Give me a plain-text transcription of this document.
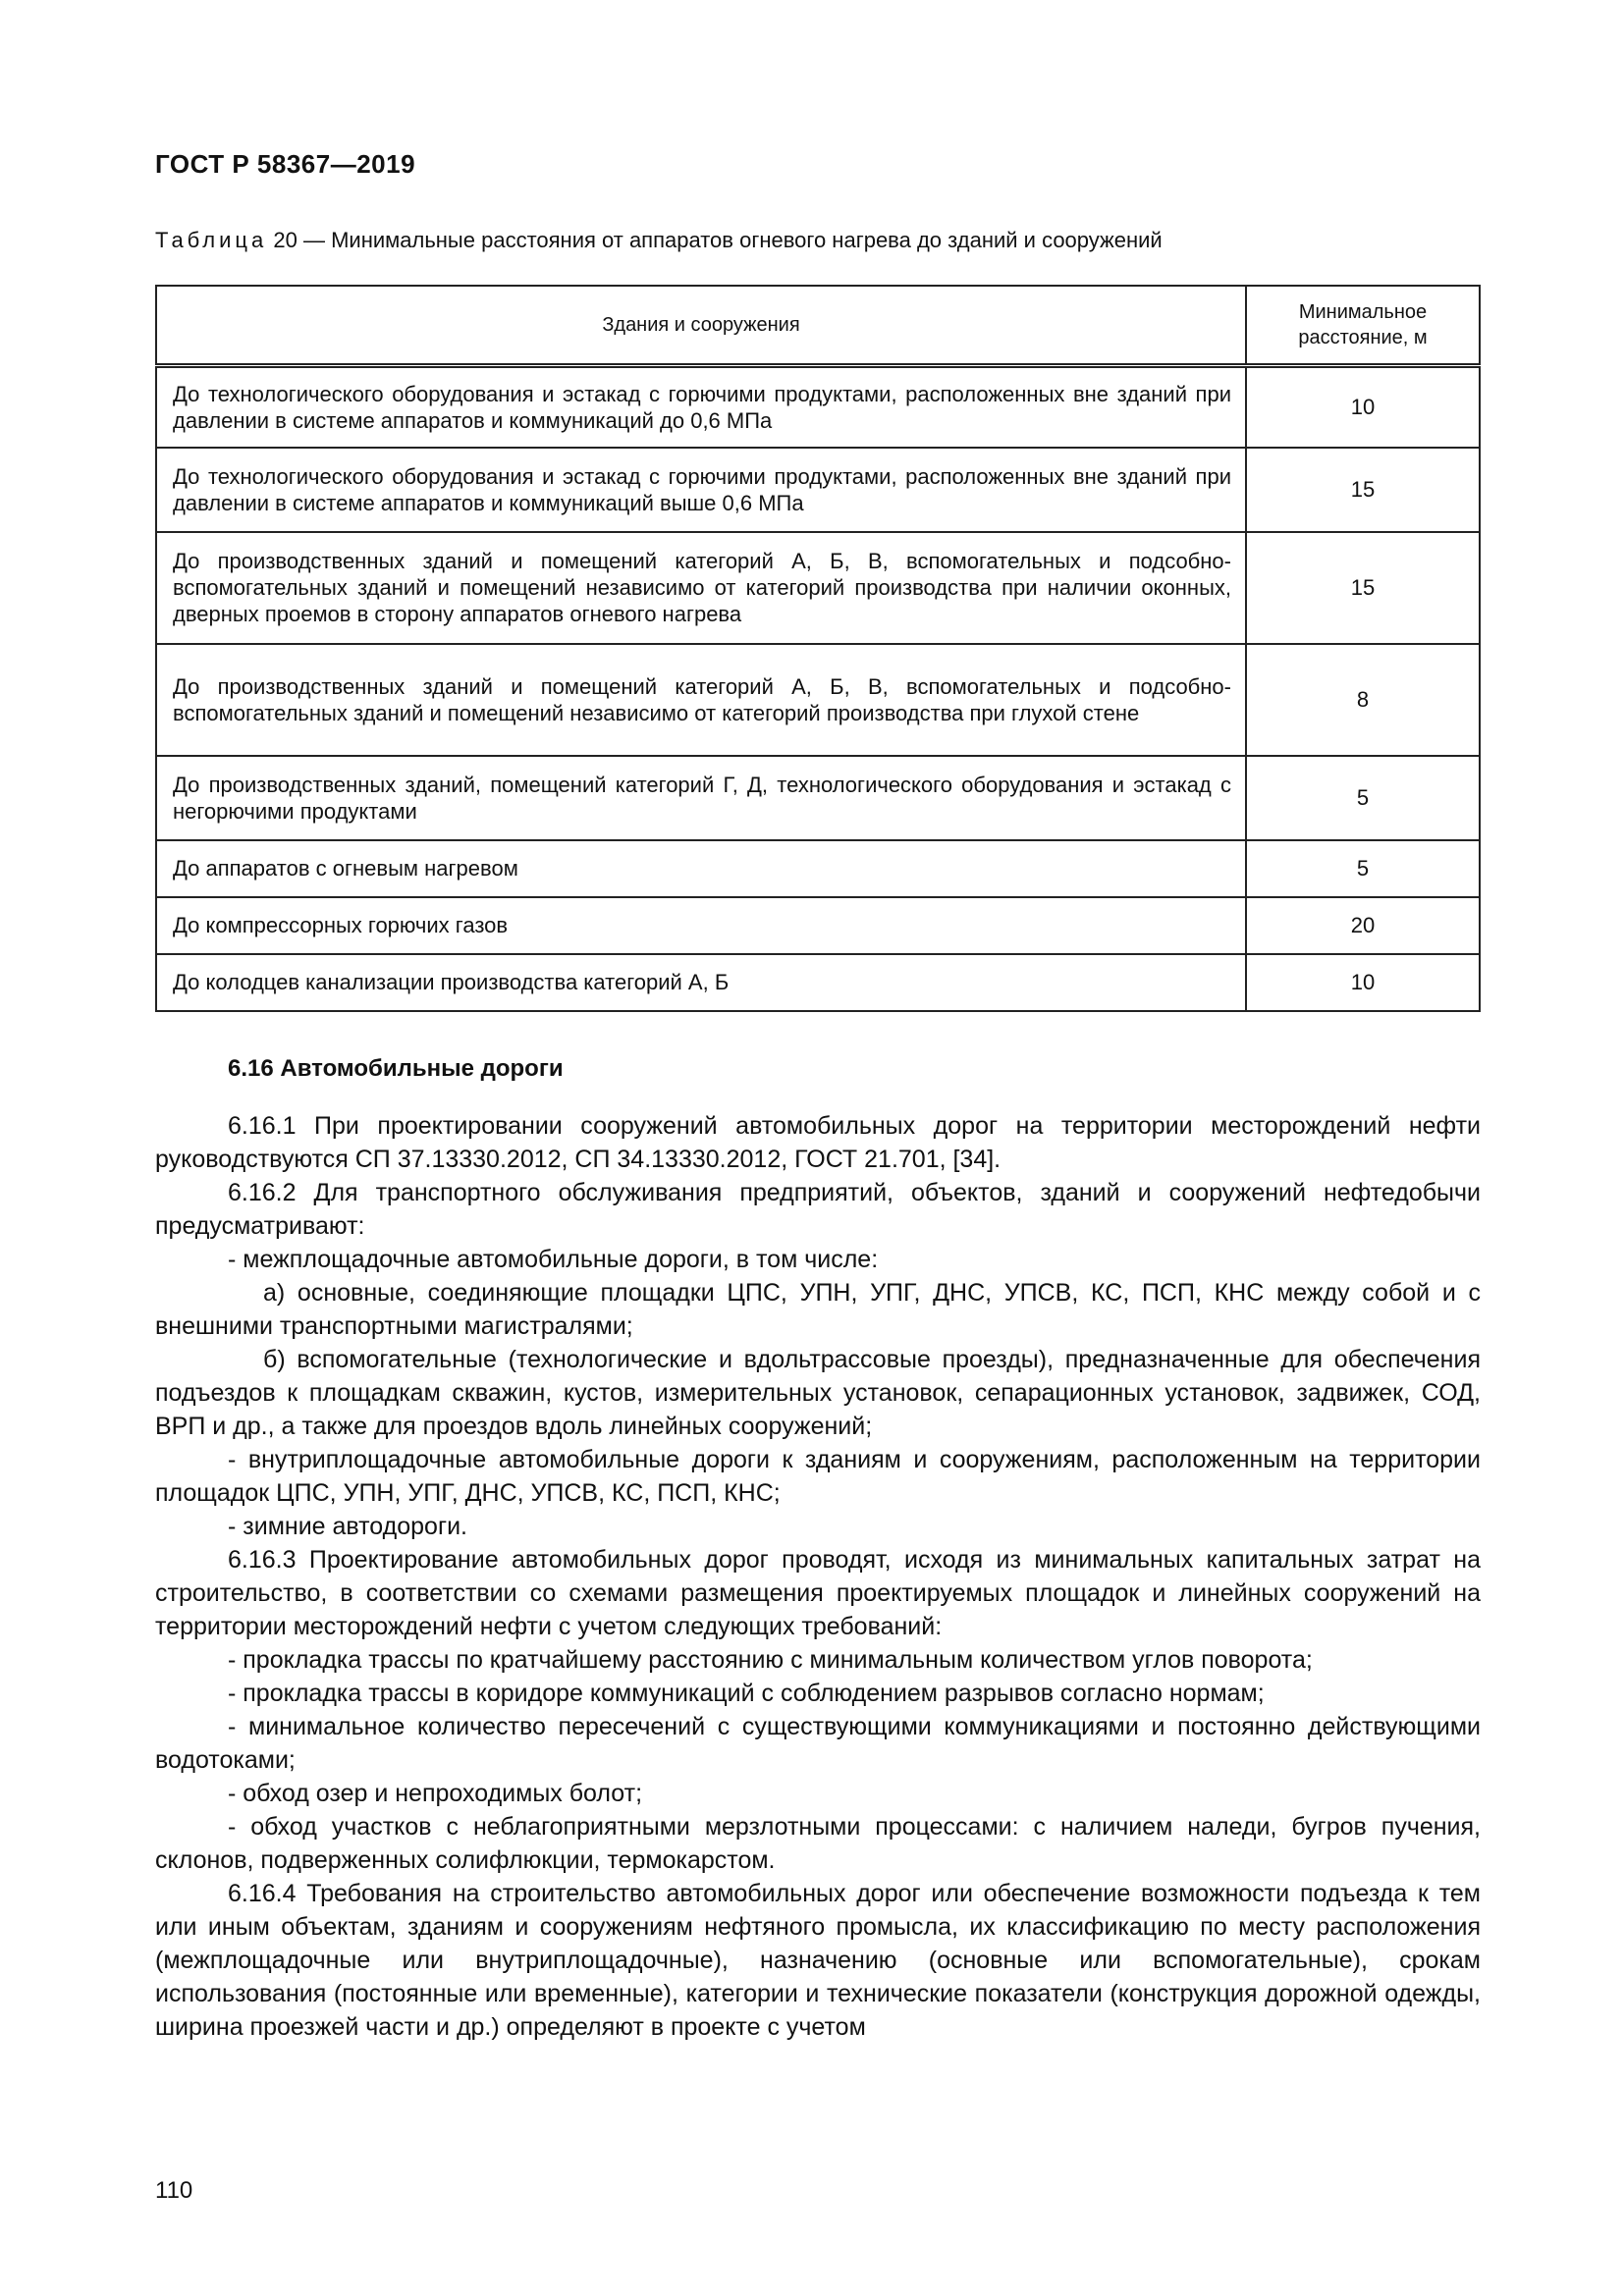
ГОСТ Р 58367—2019
Таблица 20 — Минимальные расстояния от аппаратов огневого нагрева до зданий и сооружений
Здания и сооружения	Минимальное расстояние, м
До технологического оборудования и эстакад с горючими продуктами, расположенных вне зданий при давлении в системе аппаратов и коммуникаций до 0,6 МПа	10
До технологического оборудования и эстакад с горючими продуктами, расположенных вне зданий при давлении в системе аппаратов и коммуникаций выше 0,6 МПа	15
До производственных зданий и помещений категорий А, Б, В, вспомогательных и подсобно-вспомогательных зданий и помещений независимо от категорий производства при наличии оконных, дверных проемов в сторону аппаратов огневого нагрева	15
До производственных зданий и помещений категорий А, Б, В, вспомогательных и подсобно-вспомогательных зданий и помещений независимо от категорий производства при глухой стене	8
До производственных зданий, помещений категорий Г, Д, технологического оборудования и эстакад с негорючими продуктами	5
До аппаратов с огневым нагревом	5
До компрессорных горючих газов	20
До колодцев канализации производства категорий А, Б	10
6.16 Автомобильные дороги

6.16.1 При проектировании сооружений автомобильных дорог на территории месторождений нефти руководствуются СП 37.13330.2012, СП 34.13330.2012, ГОСТ 21.701, [34].

6.16.2 Для транспортного обслуживания предприятий, объектов, зданий и сооружений нефтедобычи предусматривают:

- межплощадочные автомобильные дороги, в том числе:

а) основные, соединяющие площадки ЦПС, УПН, УПГ, ДНС, УПСВ, КС, ПСП, КНС между собой и с внешними транспортными магистралями;

б) вспомогательные (технологические и вдольтрассовые проезды), предназначенные для обеспечения подъездов к площадкам скважин, кустов, измерительных установок, сепарационных установок, задвижек, СОД, ВРП и др., а также для проездов вдоль линейных сооружений;

- внутриплощадочные автомобильные дороги к зданиям и сооружениям, расположенным на территории площадок ЦПС, УПН, УПГ, ДНС, УПСВ, КС, ПСП, КНС;

- зимние автодороги.

6.16.3 Проектирование автомобильных дорог проводят, исходя из минимальных капитальных затрат на строительство, в соответствии со схемами размещения проектируемых площадок и линейных сооружений на территории месторождений нефти с учетом следующих требований:

- прокладка трассы по кратчайшему расстоянию с минимальным количеством углов поворота;

- прокладка трассы в коридоре коммуникаций с соблюдением разрывов согласно нормам;

- минимальное количество пересечений с существующими коммуникациями и постоянно действующими водотоками;

- обход озер и непроходимых болот;

- обход участков с неблагоприятными мерзлотными процессами: с наличием наледи, бугров пучения, склонов, подверженных солифлюкции, термокарстом.

6.16.4 Требования на строительство автомобильных дорог или обеспечение возможности подъезда к тем или иным объектам, зданиям и сооружениям нефтяного промысла, их классификацию по месту расположения (межплощадочные или внутриплощадочные), назначению (основные или вспомогательные), срокам использования (постоянные или временные), категории и технические показатели (конструкция дорожной одежды, ширина проезжей части и др.) определяют в проекте с учетом

110
